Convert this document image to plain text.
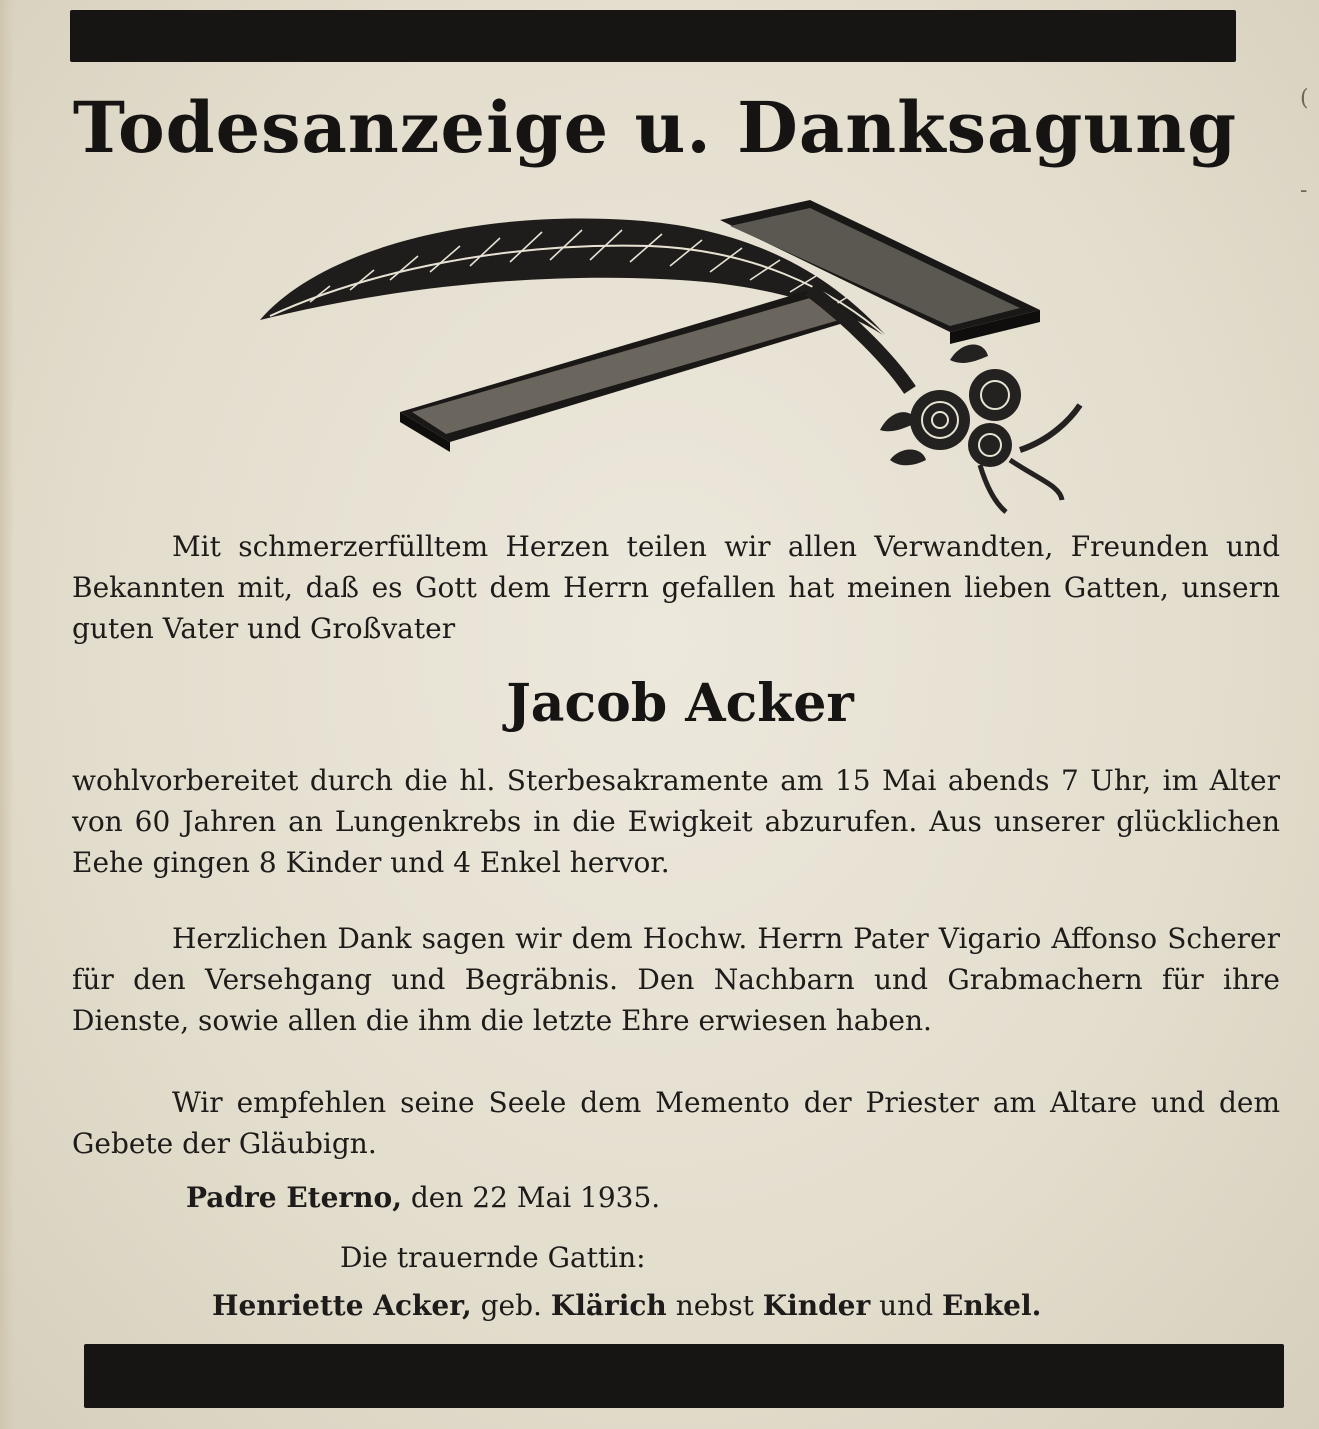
(
-
Todesanzeige u. Danksagung

Mit schmerzerfülltem Herzen teilen wir allen Verwandten, Freunden und Bekannten mit, daß es Gott dem Herrn gefallen hat meinen lieben Gatten, unsern guten Vater und Großvater

Jacob Acker

wohlvorbereitet durch die hl. Sterbesakramente am 15 Mai abends 7 Uhr, im Alter von 60 Jahren an Lungenkrebs in die Ewigkeit abzurufen. Aus unserer glücklichen Eehe gingen 8 Kinder und 4 Enkel hervor.

Herzlichen Dank sagen wir dem Hochw. Herrn Pater Vigario Affonso Scherer für den Versehgang und Begräbnis. Den Nachbarn und Grabmachern für ihre Dienste, sowie allen die ihm die letzte Ehre erwiesen haben.

Wir empfehlen seine Seele dem Memento der Priester am Altare und dem Gebete der Gläubign.

Padre Eterno, den 22 Mai 1935.

Die trauernde Gattin:

Henriette Acker, geb. Klärich nebst Kinder und Enkel.
